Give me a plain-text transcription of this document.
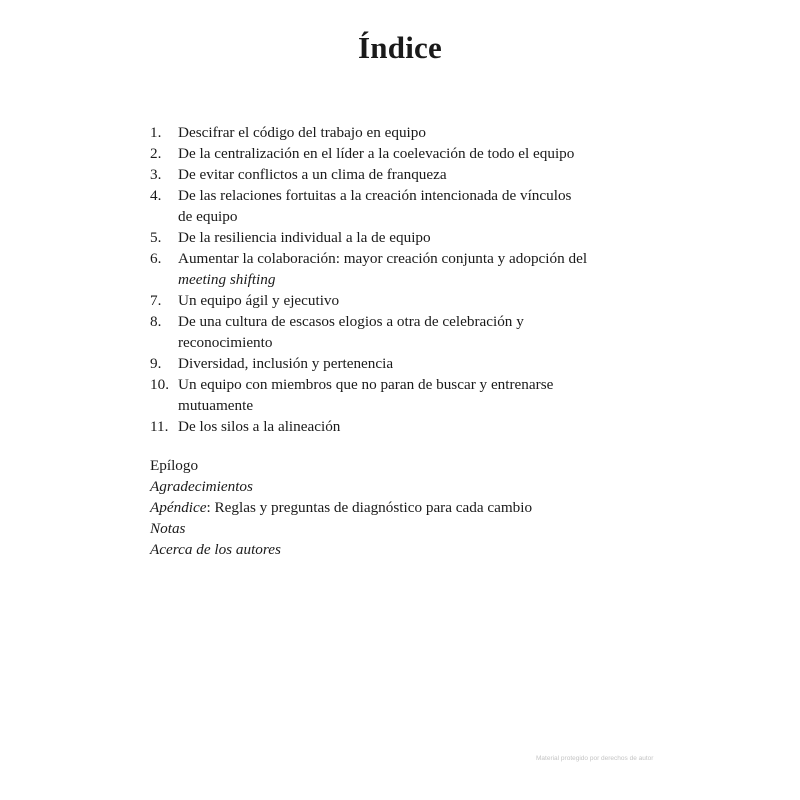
Índice
1.	Descifrar el código del trabajo en equipo
2.	De la centralización en el líder a la coelevación de todo el equipo
3.	De evitar conflictos a un clima de franqueza
4.	De las relaciones fortuitas a la creación intencionada de vínculos
de equipo
5.	De la resiliencia individual a la de equipo
6.	Aumentar la colaboración: mayor creación conjunta y adopción del
meeting shifting
7.	Un equipo ágil y ejecutivo
8.	De una cultura de escasos elogios a otra de celebración y
reconocimiento
9.	Diversidad, inclusión y pertenencia
10. Un equipo con miembros que no paran de buscar y entrenarse
mutuamente
11. De los silos a la alineación
Epílogo
Agradecimientos
Apéndice: Reglas y preguntas de diagnóstico para cada cambio
Notas
Acerca de los autores
Material protegido por derechos de autor
